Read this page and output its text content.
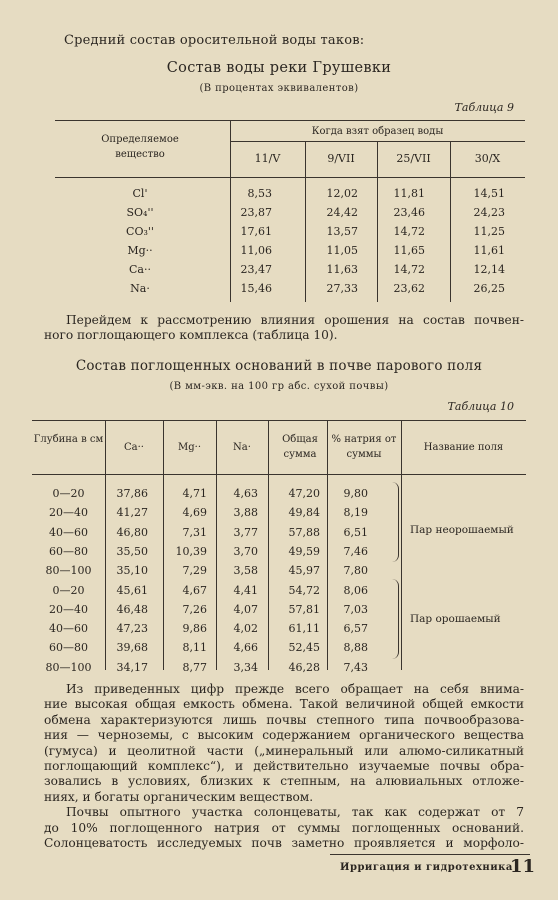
Средний состав оросительной воды таков:
Состав воды реки Грушевки
(В процентах эквивалентов)
Таблица 9
Определяемое вещество
Когда взят образец воды
11/V	9/VII	25/VII	30/X
Cl'	8,53	12,02	11,81	14,51
SO₄''	23,87	24,42	23,46	24,23
CO₃''	17,61	13,57	14,72	11,25
Mg··	11,06	11,05	11,65	11,61
Ca··	23,47	11,63	14,72	12,14
Na·	15,46	27,33	23,62	26,25
Перейдем к рассмотрению влияния орошения на состав почвен-
ного поглощающего комплекса (таблица 10).
Состав поглощенных оснований в почве парового поля
(В мм-экв. на 100 гр абс. сухой почвы)
Таблица 10
Глубина в см
Ca··	Mg··	Na·
Общая сумма
% натрия от суммы
Название поля
0—20	37,86	4,71	4,63	47,20	9,80
20—40	41,27	4,69	3,88	49,84	8,19
40—60	46,80	7,31	3,77	57,88	6,51
60—80	35,50	10,39	3,70	49,59	7,46
80—100	35,10	7,29	3,58	45,97	7,80
0—20	45,61	4,67	4,41	54,72	8,06
20—40	46,48	7,26	4,07	57,81	7,03
40—60	47,23	9,86	4,02	61,11	6,57
60—80	39,68	8,11	4,66	52,45	8,88
80—100	34,17	8,77	3,34	46,28	7,43
Пар неорошаемый
Пар орошаемый
Из приведенных цифр прежде всего обращает на себя внима-
ние высокая общая емкость обмена. Такой величиной общей емкости
обмена характеризуются лишь почвы степного типа почвообразова-
ния — черноземы, с высоким содержанием органического вещества
(гумуса) и цеолитной части („минеральный или алюмо-силикатный
поглощающий комплекс“), и действительно изучаемые почвы обра-
зовались в условиях, близких к степным, на алювиальных отложе-
ниях, и богаты органическим веществом.
Почвы опытного участка солонцеваты, так как содержат от 7
до 10% поглощенного натрия от суммы поглощенных оснований.
Солонцеватость исследуемых почв заметно проявляется и морфоло-
Ирригация и гидротехника
11
